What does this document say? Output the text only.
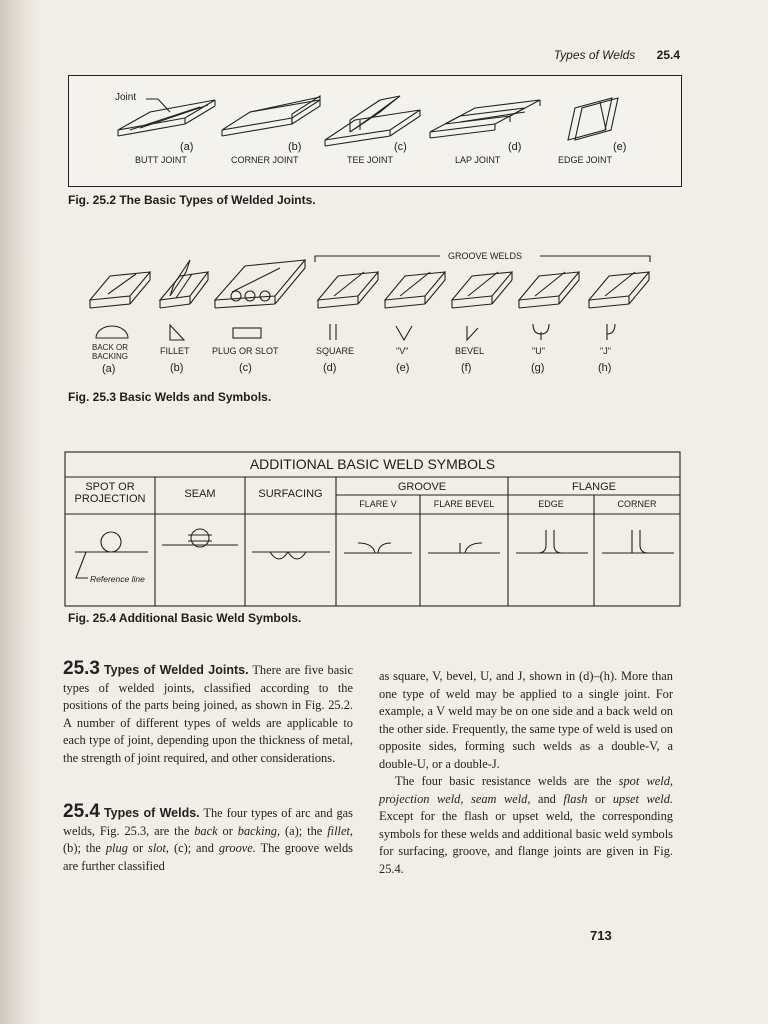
Types of Welds 25.4
Joint
(a)
BUTT JOINT
(b)
CORNER JOINT
(c)
TEE JOINT
(d)
LAP JOINT
(e)
EDGE JOINT
Fig. 25.2 The Basic Types of Welded Joints.
GROOVE WELDS
BACK OR BACKING
(a)
FILLET
(b)
PLUG OR SLOT
(c)
SQUARE
(d)
"V"
(e)
BEVEL
(f)
"U"
(g)
"J"
(h)
Fig. 25.3 Basic Welds and Symbols.
ADDITIONAL BASIC WELD SYMBOLS
SPOT OR PROJECTION	SEAM	SURFACING
GROOVE
FLARE V	FLARE BEVEL
FLANGE
EDGE	CORNER
Reference line
Fig. 25.4 Additional Basic Weld Symbols.

25.3 Types of Welded Joints. There are five basic types of welded joints, classified according to the positions of the parts being joined, as shown in Fig. 25.2. A number of different types of welds are applicable to each type of joint, depending upon the thickness of metal, the strength of joint required, and other considerations.

25.4 Types of Welds. The four types of arc and gas welds, Fig. 25.3, are the back or backing, (a); the fillet, (b); the plug or slot, (c); and groove. The groove welds are further classified

as square, V, bevel, U, and J, shown in (d)–(h). More than one type of weld may be applied to a single joint. For example, a V weld may be on one side and a back weld on the other side. Frequently, the same type of weld is used on opposite sides, forming such welds as a double-V, a double-U, or a double-J.

The four basic resistance welds are the spot weld, projection weld, seam weld, and flash or upset weld. Except for the flash or upset weld, the corresponding symbols for these welds and additional basic weld symbols for surfacing, groove, and flange joints are given in Fig. 25.4.

713
